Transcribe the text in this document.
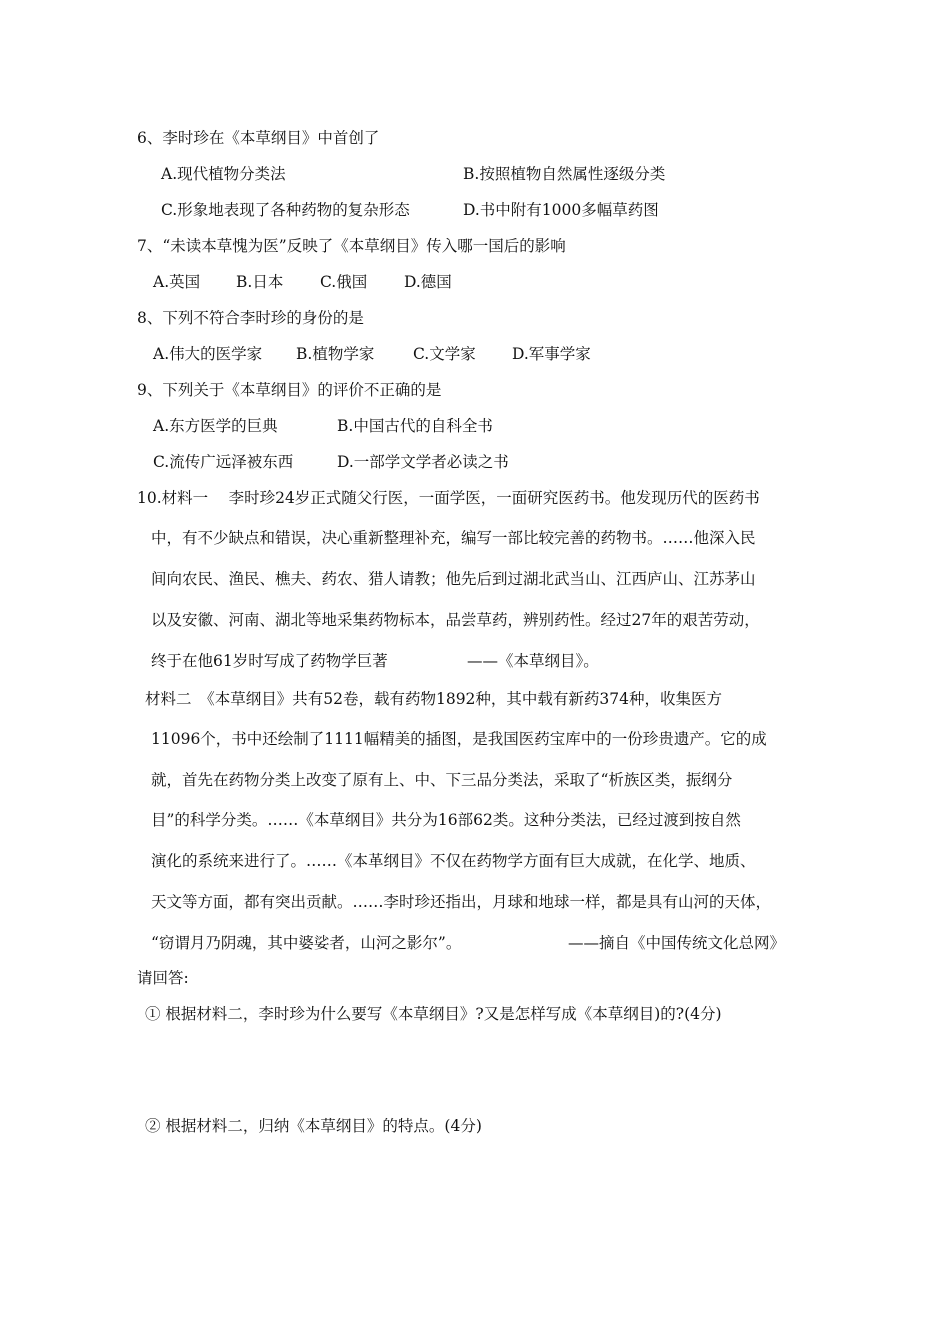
6、李时珍在《本草纲目》中首创了
A.现代植物分类法	B.按照植物自然属性逐级分类
C.形象地表现了各种药物的复杂形态	D.书中附有1000多幅草药图
7、“未读本草愧为医”反映了《本草纲目》传入哪一国后的影响
A.英国 B.日本 C.俄国 D.德国
8、下列不符合李时珍的身份的是
A.伟大的医学家 B.植物学家 C.文学家 D.军事学家
9、下列关于《本草纲目》的评价不正确的是
A.东方医学的巨典	B.中国古代的自科全书
C.流传广远泽被东西	D.一部学文学者必读之书
10.材料一　 李时珍24岁正式随父行医，一面学医，一面研究医药书。他发现历代的医药书
中，有不少缺点和错误，决心重新整理补充，编写一部比较完善的药物书。……他深入民
间向农民、渔民、樵夫、药农、猎人请教；他先后到过湖北武当山、江西庐山、江苏茅山
以及安徽、河南、湖北等地采集药物标本，品尝草药，辨别药性。经过27年的艰苦劳动，
终于在他61岁时写成了药物学巨著	——《本草纲目》。
材料二　《本草纲目》共有52卷，载有药物1892种，其中载有新药374种，收集医方
11096个，书中还绘制了1111幅精美的插图，是我国医药宝库中的一份珍贵遗产。它的成
就，首先在药物分类上改变了原有上、中、下三品分类法，采取了“析族区类，振纲分
目”的科学分类。……《本草纲目》共分为16部62类。这种分类法，已经过渡到按自然
演化的系统来进行了。……《本革纲目》不仅在药物学方面有巨大成就，在化学、地质、
天文等方面，都有突出贡献。……李时珍还指出，月球和地球一样，都是具有山河的天体，
“窃谓月乃阴魂，其中婆娑者，山河之影尔”。	——摘自《中国传统文化总网》
请回答:
① 根据材料二，李时珍为什么要写《本草纲目》?又是怎样写成《本草纲目)的?(4分)
② 根据材料二，归纳《本草纲目》的特点。(4分)
